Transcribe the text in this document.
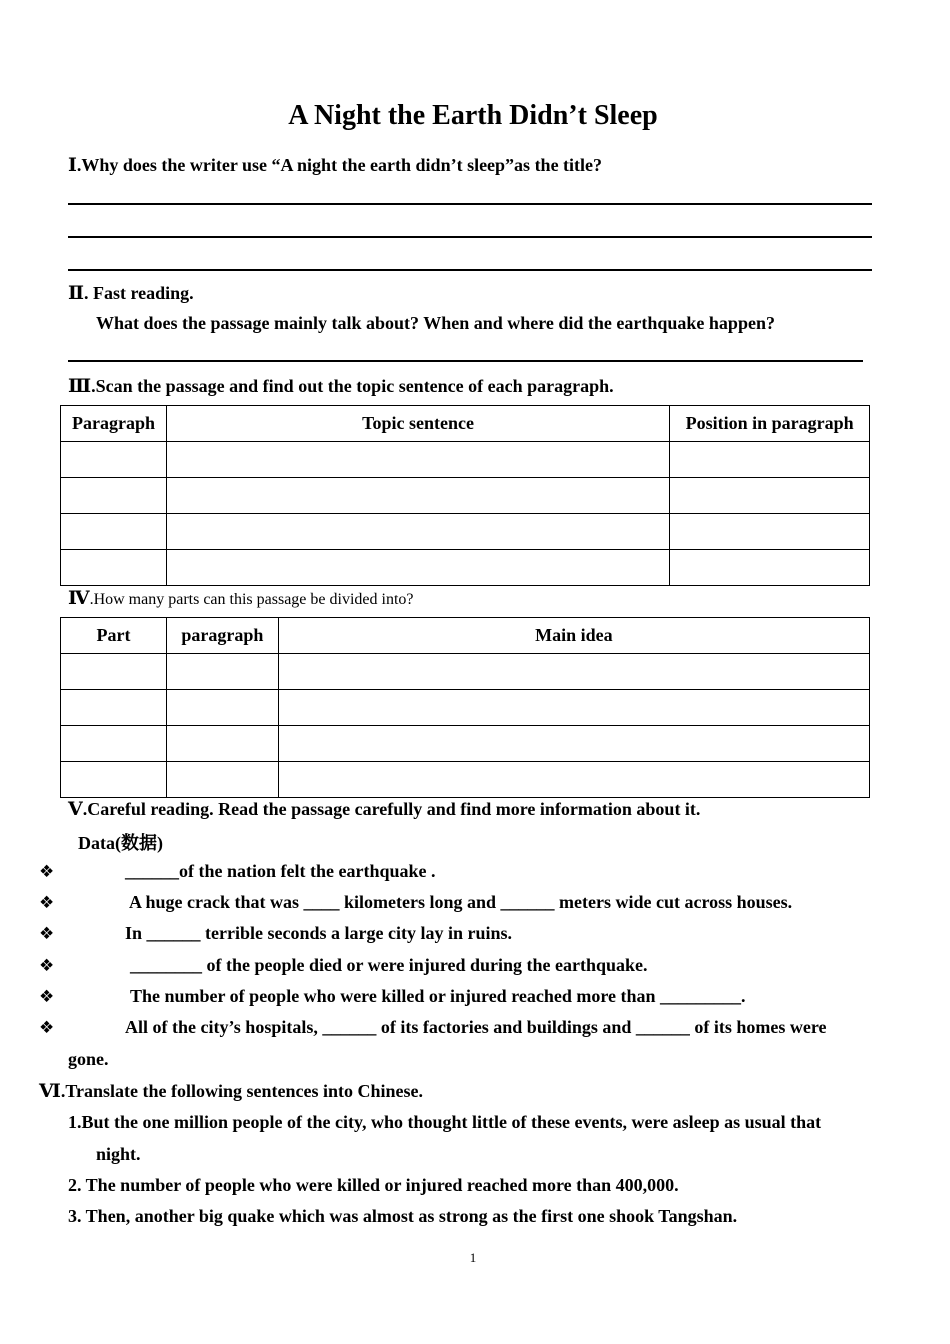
A Night the Earth Didn’t Sleep
Ⅰ.Why does the writer use “A night the earth didn’t sleep”as the title?
Ⅱ. Fast reading.
What does the passage mainly talk about? When and where did the earthquake happen?
Ⅲ.Scan the passage and find out the topic sentence of each paragraph.
Paragraph	Topic sentence	Position in paragraph

Ⅳ.How many parts can this passage be divided into?
Part	paragraph	Main idea

Ⅴ.Careful reading. Read the passage carefully and find more information about it.
Data(数据)
❖	______of the nation felt the earthquake .
❖	A huge crack that was ____ kilometers long and ______ meters wide cut across houses.
❖	In ______ terrible seconds a large city lay in ruins.
❖	________ of the people died or were injured during the earthquake.
❖	The number of people who were killed or injured reached more than _________.
❖	All of the city’s hospitals, ______ of its factories and buildings and ______ of its homes were
gone.
Ⅵ.Translate the following sentences into Chinese.
1.But the one million people of the city, who thought little of these events, were asleep as usual that
night.
2. The number of people who were killed or injured reached more than 400,000.
3. Then, another big quake which was almost as strong as the first one shook Tangshan.
1
